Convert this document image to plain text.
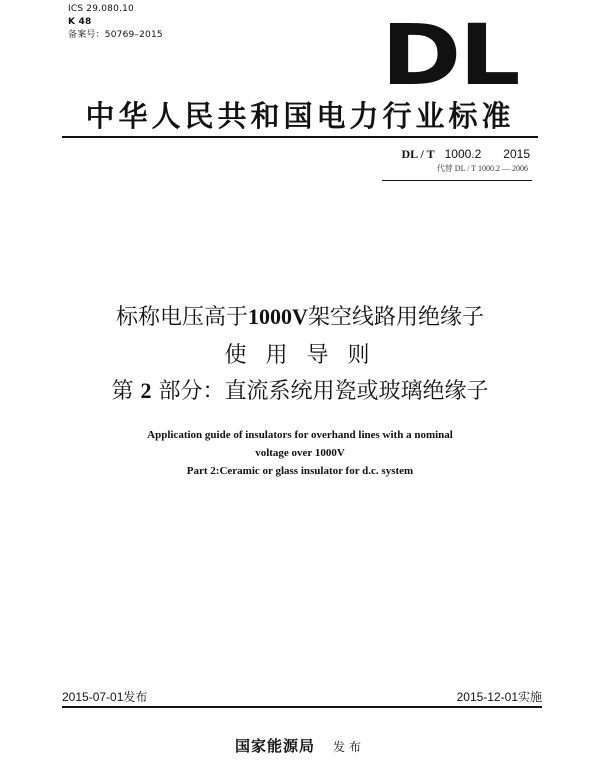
ICS 29.080.10
K 48
备案号：50769–2015	DL
中华人民共和国电力行业标准
DL / T 1000.2 2015
代替 DL / T 1000.2 — 2006
标称电压高于1000V架空线路用绝缘子
使 用 导 则
第 2 部分：直流系统用瓷或玻璃绝缘子
Application guide of insulators for overhand lines with a nominal
voltage over 1000V
Part 2:Ceramic or glass insulator for d.c. system
2015-07-01发布	2015-12-01实施
国家能源局 发布
